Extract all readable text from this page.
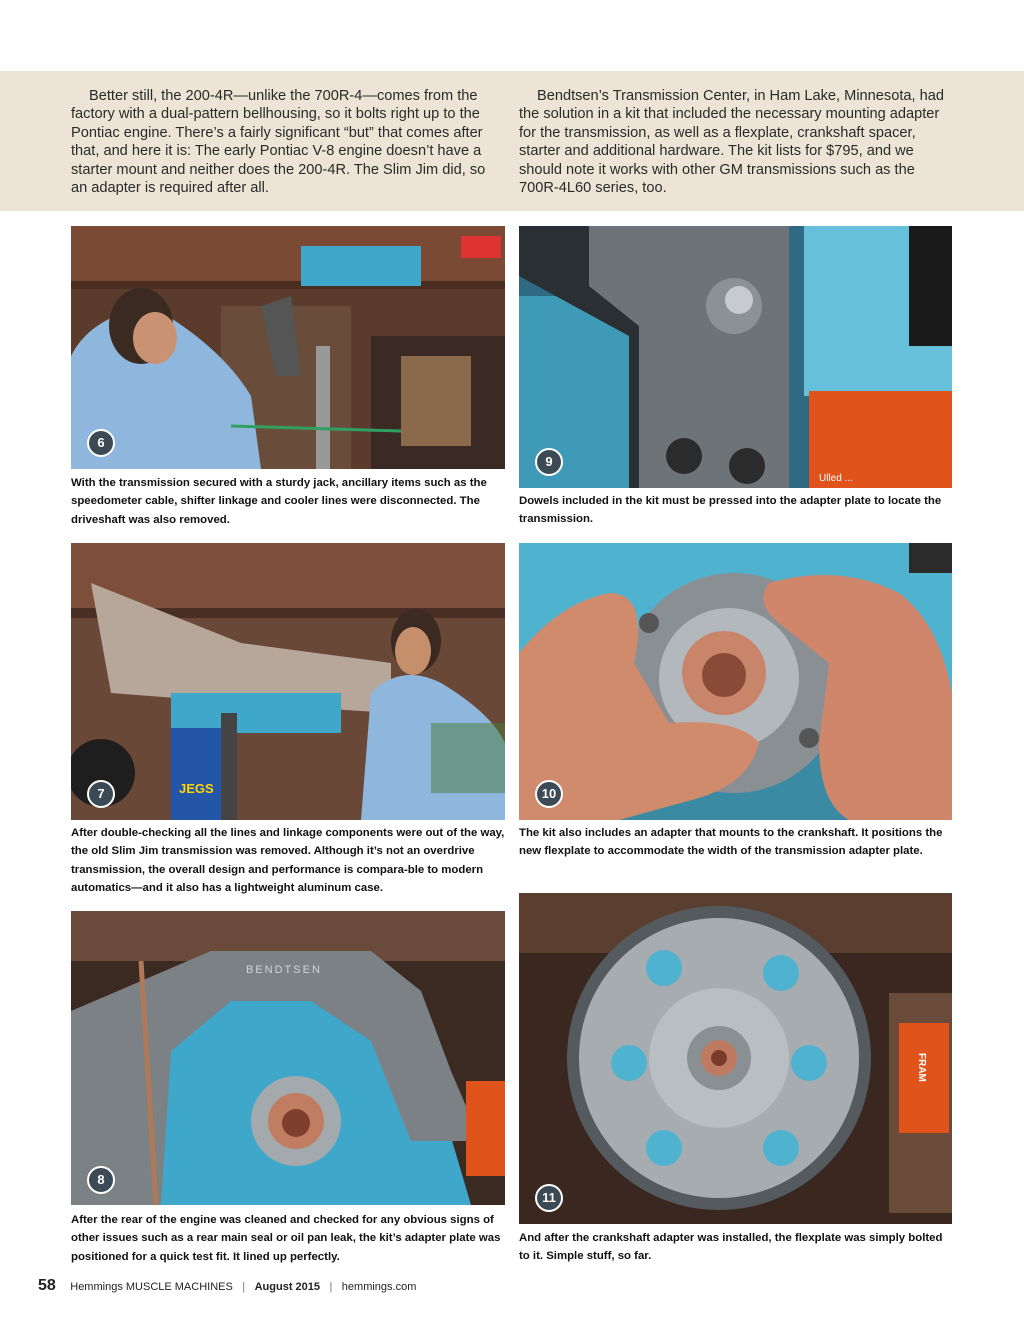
Better still, the 200-4R—unlike the 700R-4—comes from the factory with a dual-pattern bellhousing, so it bolts right up to the Pontiac engine. There’s a fairly significant “but” that comes after that, and here it is: The early Pontiac V-8 engine doesn’t have a starter mount and neither does the 200-4R. The Slim Jim did, so an adapter is required after all.
Bendtsen’s Transmission Center, in Ham Lake, Minnesota, had the solution in a kit that included the necessary mounting adapter for the transmission, as well as a flexplate, crankshaft spacer, starter and additional hardware. The kit lists for $795, and we should note it works with other GM transmissions such as the 700R-4L60 series, too.
6
With the transmission secured with a sturdy jack, ancillary items such as the speedometer cable, shifter linkage and cooler lines were disconnected. The driveshaft was also removed.
Ulled ...
9
Dowels included in the kit must be pressed into the adapter plate to locate the transmission.
JEGS
7
After double-checking all the lines and linkage components were out of the way, the old Slim Jim transmission was removed. Although it’s not an overdrive transmission, the overall design and performance is compara-ble to modern automatics—and it also has a lightweight aluminum case.
10
The kit also includes an adapter that mounts to the crankshaft. It positions the new flexplate to accommodate the width of the transmission adapter plate.
BENDTSEN
8
After the rear of the engine was cleaned and checked for any obvious signs of other issues such as a rear main seal or oil pan leak, the kit’s adapter plate was positioned for a quick test fit. It lined up perfectly.
FRAM
11
And after the crankshaft adapter was installed, the flexplate was simply bolted to it. Simple stuff, so far.
58 Hemmings MUSCLE MACHINES | August 2015 | hemmings.com
